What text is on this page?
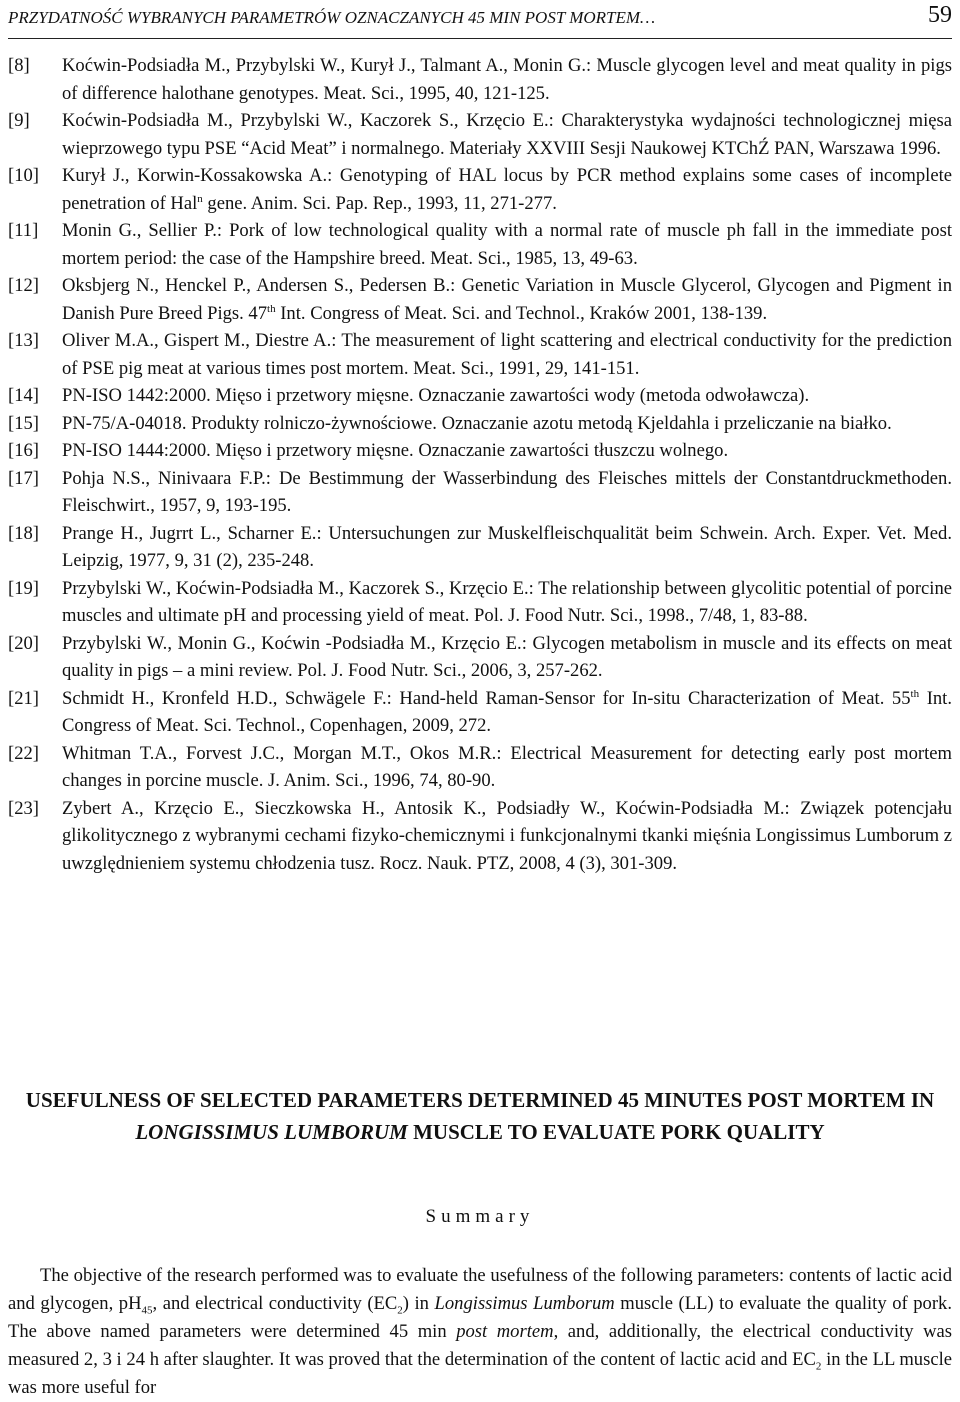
PRZYDATNOŚĆ WYBRANYCH PARAMETRÓW OZNACZANYCH 45 MIN POST MORTEM…	59
[8] Koćwin-Podsiadła M., Przybylski W., Kurył J., Talmant A., Monin G.: Muscle glycogen level and meat quality in pigs of difference halothane genotypes. Meat. Sci., 1995, 40, 121-125.
[9] Koćwin-Podsiadła M., Przybylski W., Kaczorek S., Krzęcio E.: Charakterystyka wydajności technologicznej mięsa wieprzowego typu PSE “Acid Meat” i normalnego. Materiały XXVIII Sesji Naukowej KTChŹ PAN, Warszawa 1996.
[10] Kurył J., Korwin-Kossakowska A.: Genotyping of HAL locus by PCR method explains some cases of incomplete penetration of Hal$^n$ gene. Anim. Sci. Pap. Rep., 1993, 11, 271-277.
[11] Monin G., Sellier P.: Pork of low technological quality with a normal rate of muscle ph fall in the immediate post mortem period: the case of the Hampshire breed. Meat. Sci., 1985, 13, 49-63.
[12] Oksbjerg N., Henckel P., Andersen S., Pedersen B.: Genetic Variation in Muscle Glycerol, Glycogen and Pigment in Danish Pure Breed Pigs. 47th Int. Congress of Meat. Sci. and Technol., Kraków 2001, 138-139.
[13] Oliver M.A., Gispert M., Diestre A.: The measurement of light scattering and electrical conductivity for the prediction of PSE pig meat at various times post mortem. Meat. Sci., 1991, 29, 141-151.
[14] PN-ISO 1442:2000. Mięso i przetwory mięsne. Oznaczanie zawartości wody (metoda odwoławcza).
[15] PN-75/A-04018. Produkty rolniczo-żywnościowe. Oznaczanie azotu metodą Kjeldahla i przeliczanie na białko.
[16] PN-ISO 1444:2000. Mięso i przetwory mięsne. Oznaczanie zawartości tłuszczu wolnego.
[17] Pohja N.S., Ninivaara F.P.: De Bestimmung der Wasserbindung des Fleisches mittels der Constantdruckmethoden. Fleischwirt., 1957, 9, 193-195.
[18] Prange H., Jugrrt L., Scharner E.: Untersuchungen zur Muskelfleischqualität beim Schwein. Arch. Exper. Vet. Med. Leipzig, 1977, 9, 31 (2), 235-248.
[19] Przybylski W., Koćwin-Podsiadła M., Kaczorek S., Krzęcio E.: The relationship between glycolitic potential of porcine muscles and ultimate pH and processing yield of meat. Pol. J. Food Nutr. Sci., 1998., 7/48, 1, 83-88.
[20] Przybylski W., Monin G., Koćwin -Podsiadła M., Krzęcio E.: Glycogen metabolism in muscle and its effects on meat quality in pigs – a mini review. Pol. J. Food Nutr. Sci., 2006, 3, 257-262.
[21] Schmidt H., Kronfeld H.D., Schwägele F.: Hand-held Raman-Sensor for In-situ Characterization of Meat. 55th Int. Congress of Meat. Sci. Technol., Copenhagen, 2009, 272.
[22] Whitman T.A., Forvest J.C., Morgan M.T., Okos M.R.: Electrical Measurement for detecting early post mortem changes in porcine muscle. J. Anim. Sci., 1996, 74, 80-90.
[23] Zybert A., Krzęcio E., Sieczkowska H., Antosik K., Podsiadły W., Koćwin-Podsiadła M.: Związek potencjału glikolitycznego z wybranymi cechami fizyko-chemicznymi i funkcjonalnymi tkanki mięśnia Longissimus Lumborum z uwzględnieniem systemu chłodzenia tusz. Rocz. Nauk. PTZ, 2008, 4 (3), 301-309.
USEFULNESS OF SELECTED PARAMETERS DETERMINED 45 MINUTES POST MORTEM IN LONGISSIMUS LUMBORUM MUSCLE TO EVALUATE PORK QUALITY
Summary
The objective of the research performed was to evaluate the usefulness of the following parameters: contents of lactic acid and glycogen, $pH_{45}$, and electrical conductivity $(EC_2)$ in Longissimus Lumborum muscle (LL) to evaluate the quality of pork. The above named parameters were determined 45 min post mortem, and, additionally, the electrical conductivity was measured 2, 3 i 24 h after slaughter. It was proved that the determination of the content of lactic acid and $EC_2$ in the LL muscle was more useful for
